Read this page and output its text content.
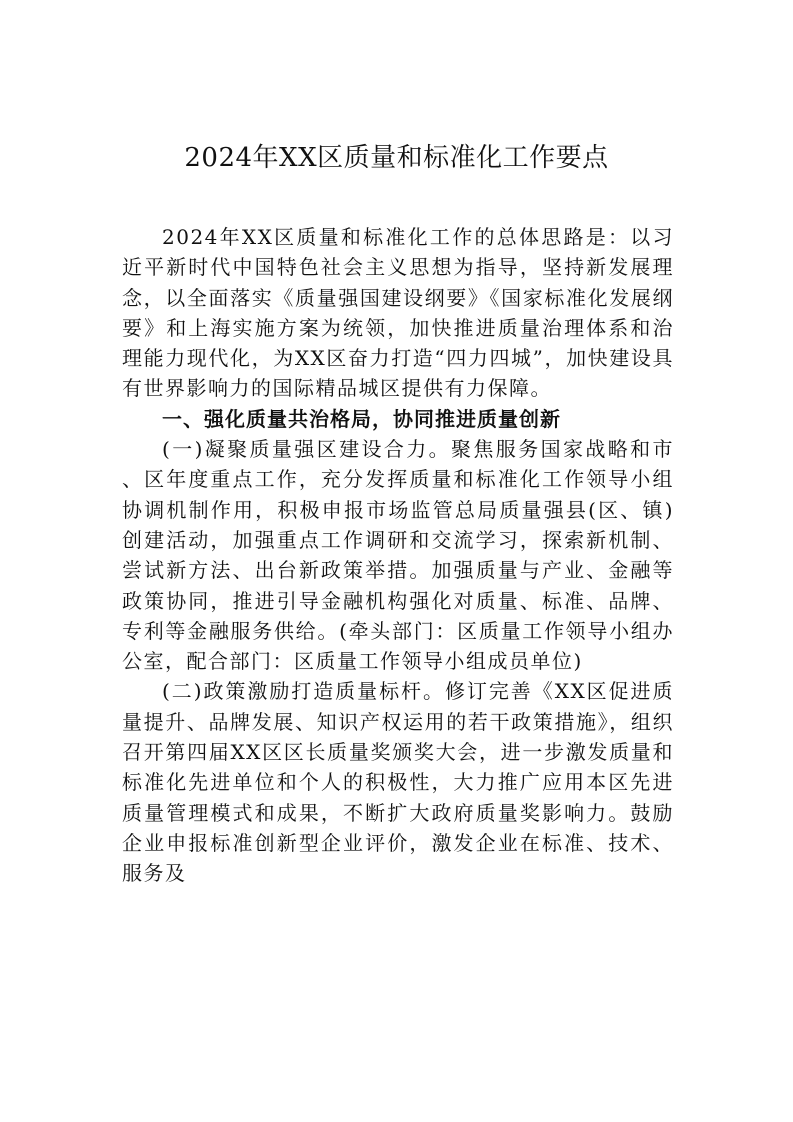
2024年XX区质量和标准化工作要点

2024年XX区质量和标准化工作的总体思路是：以习近平新时代中国特色社会主义思想为指导，坚持新发展理念，以全面落实《质量强国建设纲要》《国家标准化发展纲要》和上海实施方案为统领，加快推进质量治理体系和治理能力现代化，为XX区奋力打造“四力四城”，加快建设具有世界影响力的国际精品城区提供有力保障。

一、强化质量共治格局，协同推进质量创新

(一)凝聚质量强区建设合力。聚焦服务国家战略和市、区年度重点工作，充分发挥质量和标准化工作领导小组协调机制作用，积极申报市场监管总局质量强县(区、镇)创建活动，加强重点工作调研和交流学习，探索新机制、尝试新方法、出台新政策举措。加强质量与产业、金融等政策协同，推进引导金融机构强化对质量、标准、品牌、专利等金融服务供给。(牵头部门：区质量工作领导小组办公室，配合部门：区质量工作领导小组成员单位)

(二)政策激励打造质量标杆。修订完善《XX区促进质量提升、品牌发展、知识产权运用的若干政策措施》，组织召开第四届XX区区长质量奖颁奖大会，进一步激发质量和标准化先进单位和个人的积极性，大力推广应用本区先进质量管理模式和成果，不断扩大政府质量奖影响力。鼓励企业申报标准创新型企业评价，激发企业在标准、技术、服务及
